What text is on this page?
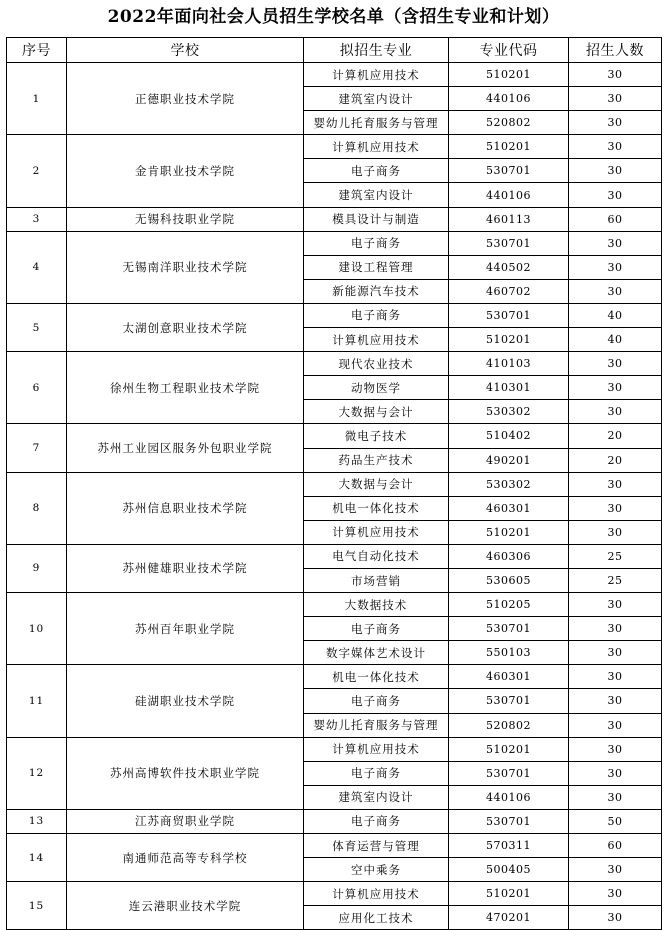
2022年面向社会人员招生学校名单（含招生专业和计划）
序号	学校	拟招生专业	专业代码	招生人数
1	正德职业技术学院	计算机应用技术	510201	30
		建筑室内设计	440106	30
		婴幼儿托育服务与管理	520802	30
2	金肯职业技术学院	计算机应用技术	510201	30
		电子商务	530701	30
		建筑室内设计	440106	30
3	无锡科技职业学院	模具设计与制造	460113	60
4	无锡南洋职业技术学院	电子商务	530701	30
		建设工程管理	440502	30
		新能源汽车技术	460702	30
5	太湖创意职业技术学院	电子商务	530701	40
		计算机应用技术	510201	40
6	徐州生物工程职业技术学院	现代农业技术	410103	30
		动物医学	410301	30
		大数据与会计	530302	30
7	苏州工业园区服务外包职业学院	微电子技术	510402	20
		药品生产技术	490201	20
8	苏州信息职业技术学院	大数据与会计	530302	30
		机电一体化技术	460301	30
		计算机应用技术	510201	30
9	苏州健雄职业技术学院	电气自动化技术	460306	25
		市场营销	530605	25
10	苏州百年职业学院	大数据技术	510205	30
		电子商务	530701	30
		数字媒体艺术设计	550103	30
11	硅湖职业技术学院	机电一体化技术	460301	30
		电子商务	530701	30
		婴幼儿托育服务与管理	520802	30
12	苏州高博软件技术职业学院	计算机应用技术	510201	30
		电子商务	530701	30
		建筑室内设计	440106	30
13	江苏商贸职业学院	电子商务	530701	50
14	南通师范高等专科学校	体育运营与管理	570311	60
		空中乘务	500405	30
15	连云港职业技术学院	计算机应用技术	510201	30
		应用化工技术	470201	30
